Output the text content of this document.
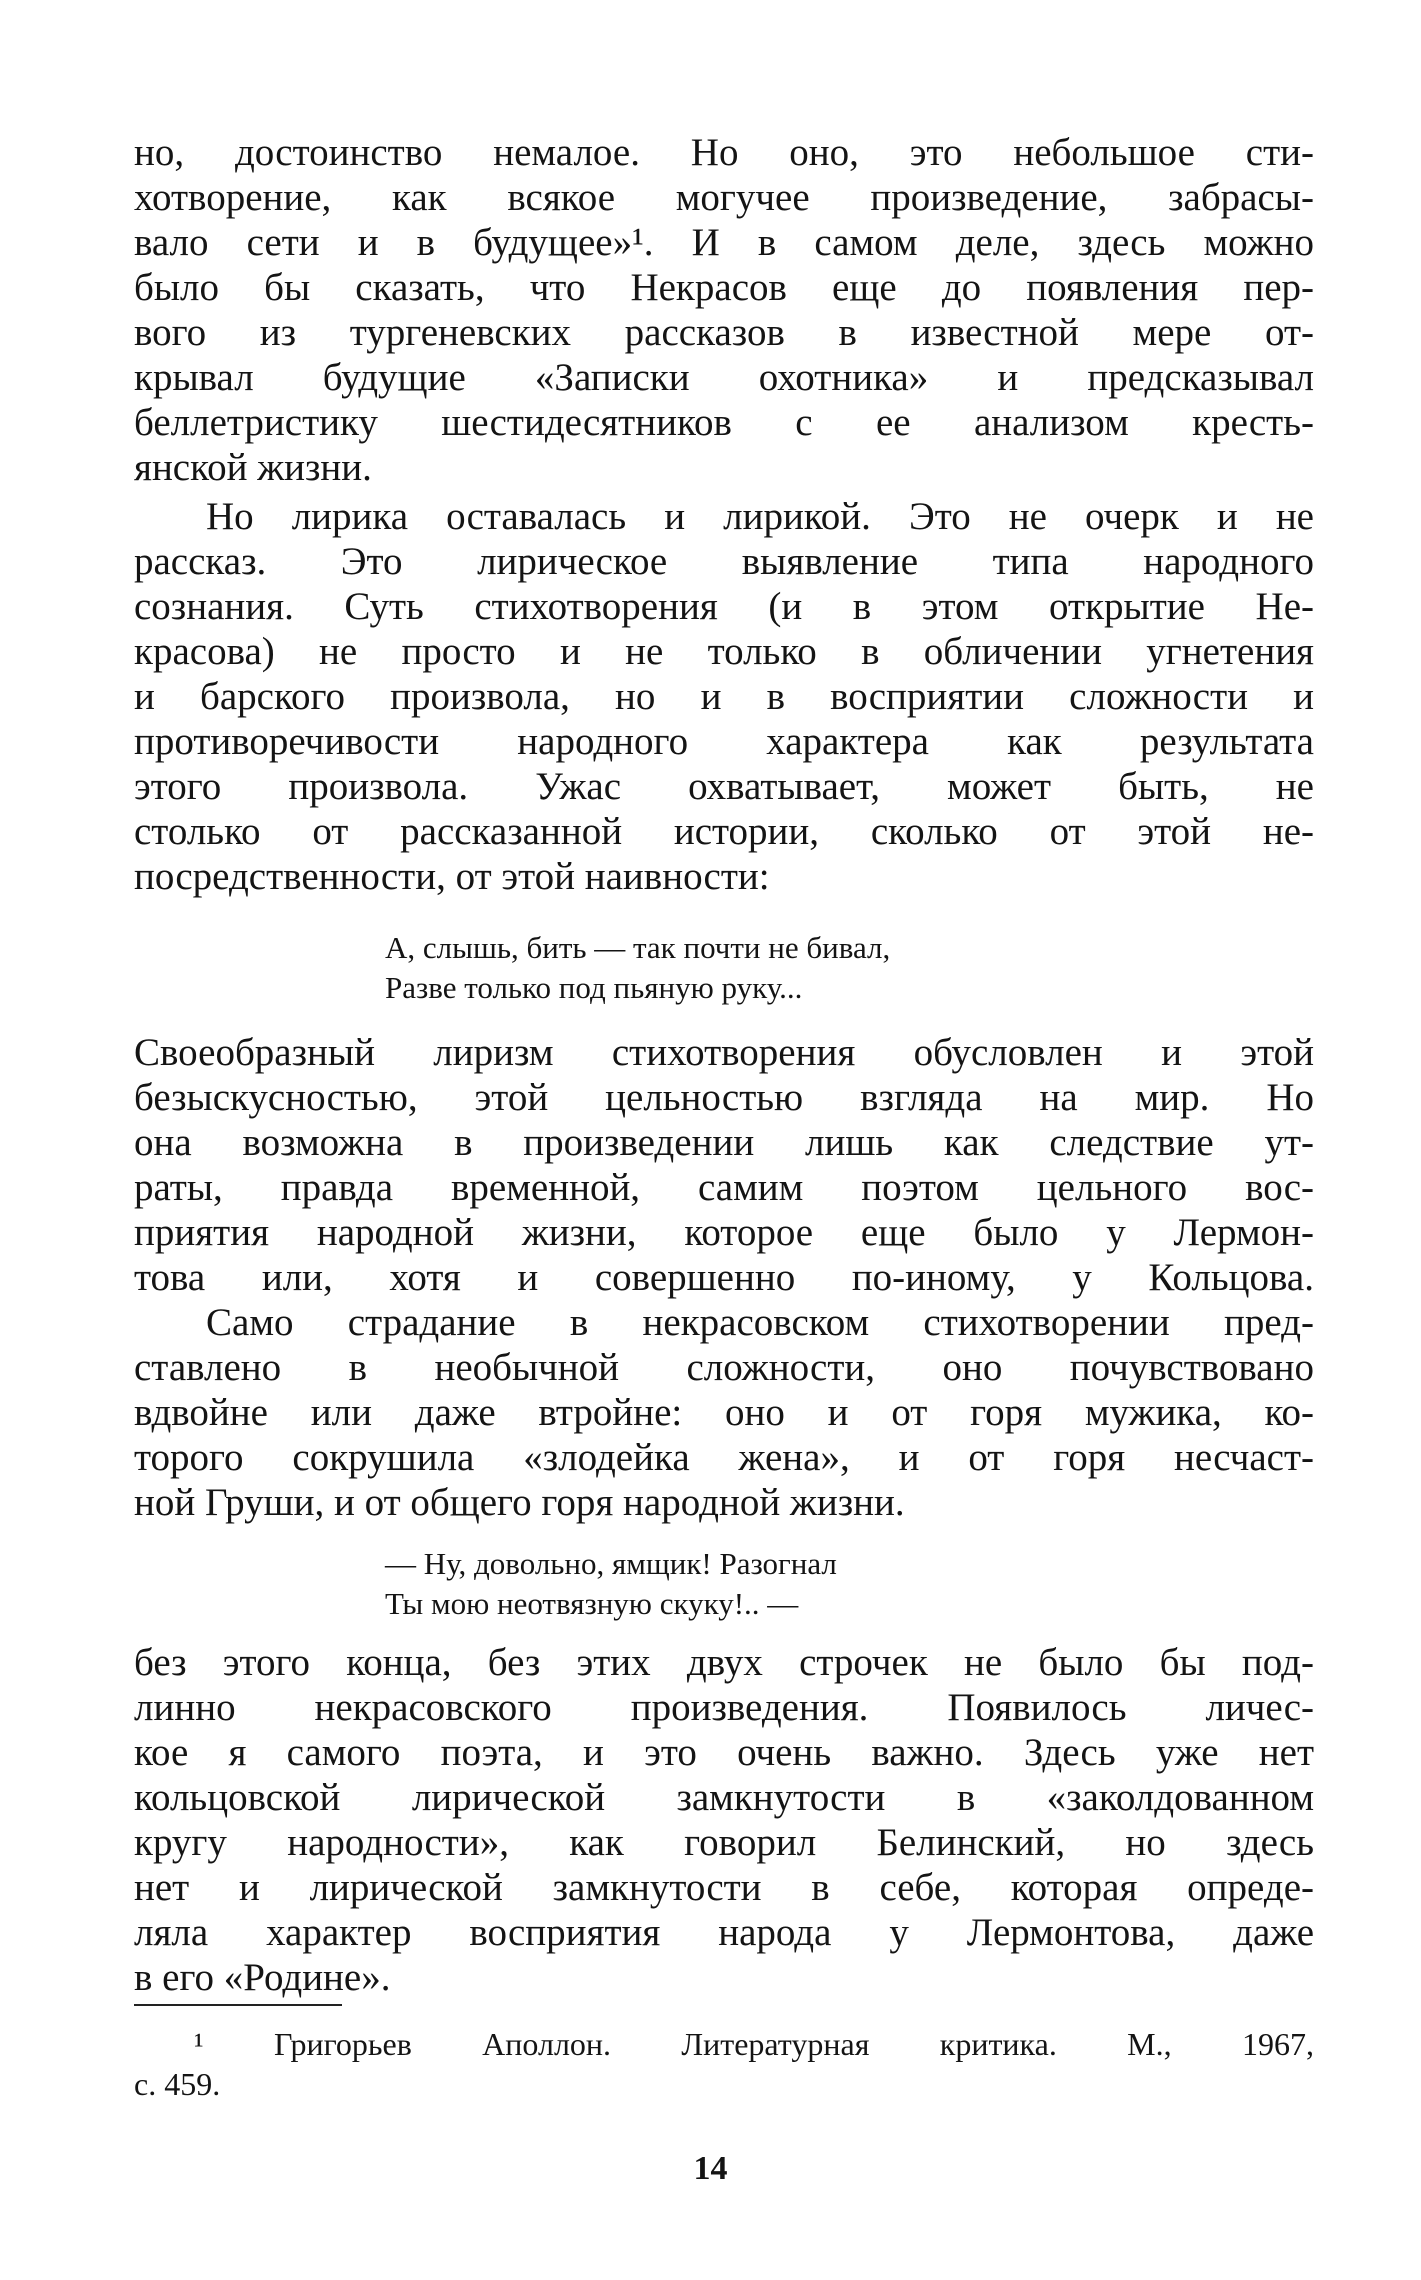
но, достоинство немалое. Но оно, это небольшое сти-
хотворение, как всякое могучее произведение, забрасы-
вало сети и в будущее»¹. И в самом деле, здесь можно
было бы сказать, что Некрасов еще до появления пер-
вого из тургеневских рассказов в известной мере от-
крывал будущие «Записки охотника» и предсказывал
беллетристику шестидесятников с ее анализом кресть-
янской жизни.
Но лирика оставалась и лирикой. Это не очерк и не
рассказ. Это лирическое выявление типа народного
сознания. Суть стихотворения (и в этом открытие Не-
красова) не просто и не только в обличении угнетения
и барского произвола, но и в восприятии сложности и
противоречивости народного характера как результата
этого произвола. Ужас охватывает, может быть, не
столько от рассказанной истории, сколько от этой не-
посредственности, от этой наивности:
А, слышь, бить — так почти не бивал,
Разве только под пьяную руку...
Своеобразный лиризм стихотворения обусловлен и этой
безыскусностью, этой цельностью взгляда на мир. Но
она возможна в произведении лишь как следствие ут-
раты, правда временной, самим поэтом цельного вос-
приятия народной жизни, которое еще было у Лермон-
това или, хотя и совершенно по-иному, у Кольцова.
Само страдание в некрасовском стихотворении пред-
ставлено в необычной сложности, оно почувствовано
вдвойне или даже втройне: оно и от горя мужика, ко-
торого сокрушила «злодейка жена», и от горя несчаст-
ной Груши, и от общего горя народной жизни.
— Ну, довольно, ямщик! Разогнал
Ты мою неотвязную скуку!.. —
без этого конца, без этих двух строчек не было бы под-
линно некрасовского произведения. Появилось личес-
кое я самого поэта, и это очень важно. Здесь уже нет
кольцовской лирической замкнутости в «заколдованном
кругу народности», как говорил Белинский, но здесь
нет и лирической замкнутости в себе, которая опреде-
ляла характер восприятия народа у Лермонтова, даже
в его «Родине».
¹ Григорьев Аполлон. Литературная критика. М., 1967,
с. 459.
14
